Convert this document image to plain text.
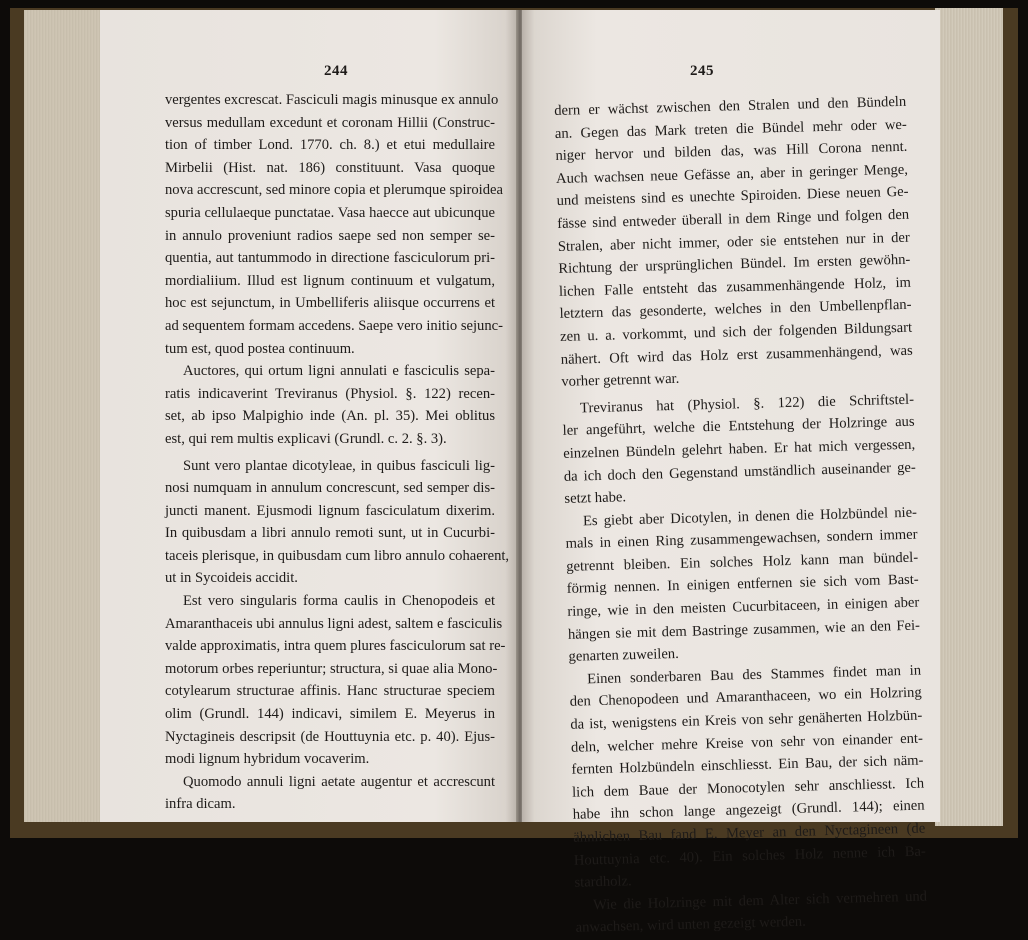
244
vergentes excrescat. Fasciculi magis minusque ex annulo
versus medullam excedunt et coronam Hillii (Construc-
tion of timber Lond. 1770. ch. 8.) et etui medullaire
Mirbelii (Hist. nat. 186) constituunt. Vasa quoque
nova accrescunt, sed minore copia et plerumque spiroidea
spuria cellulaeque punctatae. Vasa haecce aut ubicunque
in annulo proveniunt radios saepe sed non semper se-
quentia, aut tantummodo in directione fasciculorum pri-
mordialiium. Illud est lignum continuum et vulgatum,
hoc est sejunctum, in Umbelliferis aliisque occurrens et
ad sequentem formam accedens. Saepe vero initio sejunc-
tum est, quod postea continuum.
Auctores, qui ortum ligni annulati e fasciculis sepa-
ratis indicaverint Treviranus (Physiol. §. 122) recen-
set, ab ipso Malpighio inde (An. pl. 35). Mei oblitus
est, qui rem multis explicavi (Grundl. c. 2. §. 3).
Sunt vero plantae dicotyleae, in quibus fasciculi lig-
nosi numquam in annulum concrescunt, sed semper dis-
juncti manent. Ejusmodi lignum fasciculatum dixerim.
In quibusdam a libri annulo remoti sunt, ut in Cucurbi-
taceis plerisque, in quibusdam cum libro annulo cohaerent,
ut in Sycoideis accidit.
Est vero singularis forma caulis in Chenopodeis et
Amaranthaceis ubi annulus ligni adest, saltem e fasciculis
valde approximatis, intra quem plures fasciculorum sat re-
motorum orbes reperiuntur; structura, si quae alia Mono-
cotylearum structurae affinis. Hanc structurae speciem
olim (Grundl. 144) indicavi, similem E. Meyerus in
Nyctagineis descripsit (de Houttuynia etc. p. 40). Ejus-
modi lignum hybridum vocaverim.
Quomodo annuli ligni aetate augentur et accrescunt
infra dicam.
245
dern er wächst zwischen den Stralen und den Bündeln
an. Gegen das Mark treten die Bündel mehr oder we-
niger hervor und bilden das, was Hill Corona nennt.
Auch wachsen neue Gefässe an, aber in geringer Menge,
und meistens sind es unechte Spiroiden. Diese neuen Ge-
fässe sind entweder überall in dem Ringe und folgen den
Stralen, aber nicht immer, oder sie entstehen nur in der
Richtung der ursprünglichen Bündel. Im ersten gewöhn-
lichen Falle entsteht das zusammenhängende Holz, im
letztern das gesonderte, welches in den Umbellenpflan-
zen u. a. vorkommt, und sich der folgenden Bildungsart
nähert. Oft wird das Holz erst zusammenhängend, was
vorher getrennt war.
Treviranus hat (Physiol. §. 122) die Schriftstel-
ler angeführt, welche die Entstehung der Holzringe aus
einzelnen Bündeln gelehrt haben. Er hat mich vergessen,
da ich doch den Gegenstand umständlich auseinander ge-
setzt habe.
Es giebt aber Dicotylen, in denen die Holzbündel nie-
mals in einen Ring zusammengewachsen, sondern immer
getrennt bleiben. Ein solches Holz kann man bündel-
förmig nennen. In einigen entfernen sie sich vom Bast-
ringe, wie in den meisten Cucurbitaceen, in einigen aber
hängen sie mit dem Bastringe zusammen, wie an den Fei-
genarten zuweilen.
Einen sonderbaren Bau des Stammes findet man in
den Chenopodeen und Amaranthaceen, wo ein Holzring
da ist, wenigstens ein Kreis von sehr genäherten Holzbün-
deln, welcher mehre Kreise von sehr von einander ent-
fernten Holzbündeln einschliesst. Ein Bau, der sich näm-
lich dem Baue der Monocotylen sehr anschliesst. Ich
habe ihn schon lange angezeigt (Grundl. 144); einen
ähnlichen Bau fand E. Meyer an den Nyctagineen (de
Houttuynia etc. 40). Ein solches Holz nenne ich Ba-
stardholz.
Wie die Holzringe mit dem Alter sich vermehren und
anwachsen, wird unten gezeigt werden.
